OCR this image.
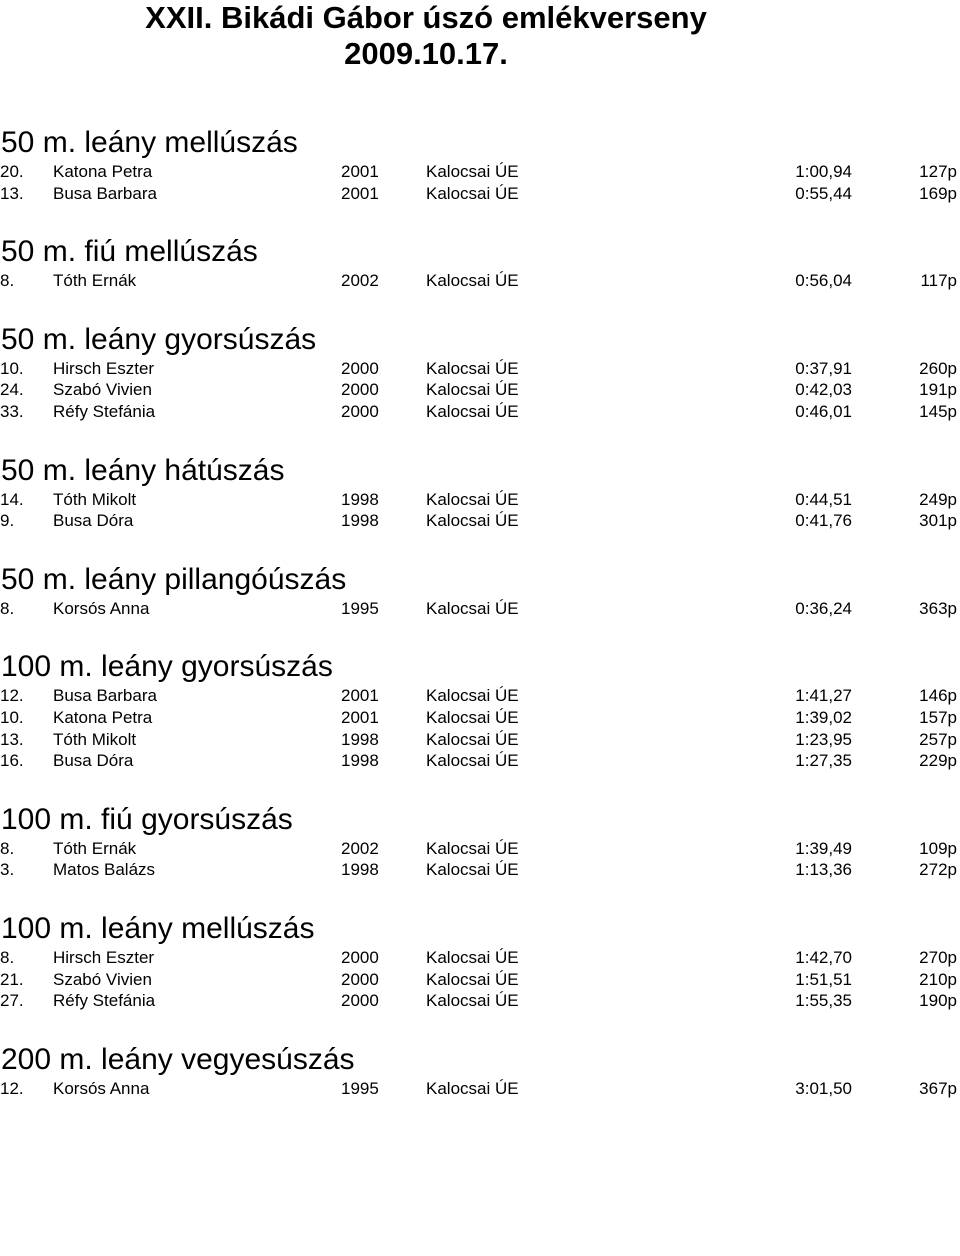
XXII. Bikádi Gábor úszó emlékverseny
2009.10.17.
50 m. leány mellúszás
20. Katona Petra	2001	Kalocsai ÚE	1:00,94	127p
13. Busa Barbara	2001	Kalocsai ÚE	0:55,44	169p
50 m. fiú mellúszás
8. Tóth Ernák	2002	Kalocsai ÚE	0:56,04	117p
50 m. leány gyorsúszás
10. Hirsch Eszter	2000	Kalocsai ÚE	0:37,91	260p
24. Szabó Vivien	2000	Kalocsai ÚE	0:42,03	191p
33. Réfy Stefánia	2000	Kalocsai ÚE	0:46,01	145p
50 m. leány hátúszás
14. Tóth Mikolt	1998	Kalocsai ÚE	0:44,51	249p
9. Busa Dóra	1998	Kalocsai ÚE	0:41,76	301p
50 m. leány pillangóúszás
8. Korsós Anna	1995	Kalocsai ÚE	0:36,24	363p
100 m. leány gyorsúszás
12. Busa Barbara	2001	Kalocsai ÚE	1:41,27	146p
10. Katona Petra	2001	Kalocsai ÚE	1:39,02	157p
13. Tóth Mikolt	1998	Kalocsai ÚE	1:23,95	257p
16. Busa Dóra	1998	Kalocsai ÚE	1:27,35	229p
100 m. fiú gyorsúszás
8. Tóth Ernák	2002	Kalocsai ÚE	1:39,49	109p
3. Matos Balázs	1998	Kalocsai ÚE	1:13,36	272p
100 m. leány mellúszás
8. Hirsch Eszter	2000	Kalocsai ÚE	1:42,70	270p
21. Szabó Vivien	2000	Kalocsai ÚE	1:51,51	210p
27. Réfy Stefánia	2000	Kalocsai ÚE	1:55,35	190p
200 m. leány vegyesúszás
12. Korsós Anna	1995	Kalocsai ÚE	3:01,50	367p
